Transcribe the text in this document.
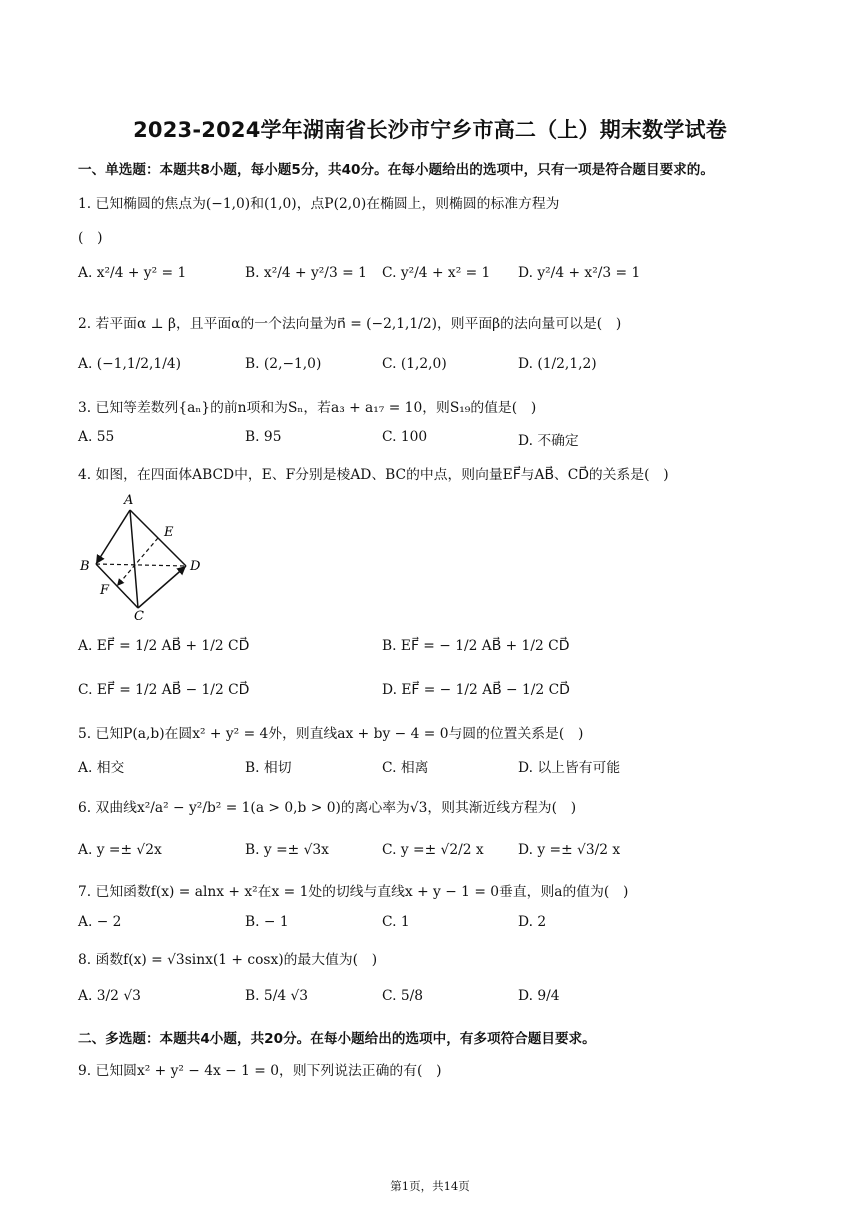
2023-2024学年湖南省长沙市宁乡市高二（上）期末数学试卷
一、单选题：本题共8小题，每小题5分，共40分。在每小题给出的选项中，只有一项是符合题目要求的。
1. 已知椭圆的焦点为(−1,0)和(1,0)，点P(2,0)在椭圆上，则椭圆的标准方程为
(　)
A. x²/4 + y² = 1	B. x²/4 + y²/3 = 1 C. y²/4 + x² = 1 D. y²/4 + x²/3 = 1
2. 若平面α ⊥ β，且平面α的一个法向量为n⃗ = (−2,1,1/2)，则平面β的法向量可以是(　)
A. (−1,1/2,1/4)	B. (2,−1,0)	C. (1,2,0)	D. (1/2,1,2)
3. 已知等差数列{aₙ}的前n项和为Sₙ，若a₃ + a₁₇ = 10，则S₁₉的值是(　)
A. 55	B. 95	C. 100	D. 不确定
4. 如图，在四面体ABCD中，E、F分别是棱AD、BC的中点，则向量EF⃗与AB⃗、CD⃗的关系是(　)
A
B
C
D
E
F
A. EF⃗ = 1/2 AB⃗ + 1/2 CD⃗	B. EF⃗ = − 1/2 AB⃗ + 1/2 CD⃗
C. EF⃗ = 1/2 AB⃗ − 1/2 CD⃗	D. EF⃗ = − 1/2 AB⃗ − 1/2 CD⃗
5. 已知P(a,b)在圆x² + y² = 4外，则直线ax + by − 4 = 0与圆的位置关系是(　)
A. 相交	B. 相切	C. 相离	D. 以上皆有可能
6. 双曲线x²/a² − y²/b² = 1(a > 0,b > 0)的离心率为√3，则其渐近线方程为(　)
A. y =± √2x	B. y =± √3x	C. y =± √2/2 x D. y =± √3/2 x
7. 已知函数f(x) = alnx + x²在x = 1处的切线与直线x + y − 1 = 0垂直，则a的值为(　)
A. − 2	B. − 1	C. 1	D. 2
8. 函数f(x) = √3sinx(1 + cosx)的最大值为(　)
A. 3/2 √3	B. 5/4 √3	C. 5/8	D. 9/4
二、多选题：本题共4小题，共20分。在每小题给出的选项中，有多项符合题目要求。
9. 已知圆x² + y² − 4x − 1 = 0，则下列说法正确的有(　)
第1页，共14页
